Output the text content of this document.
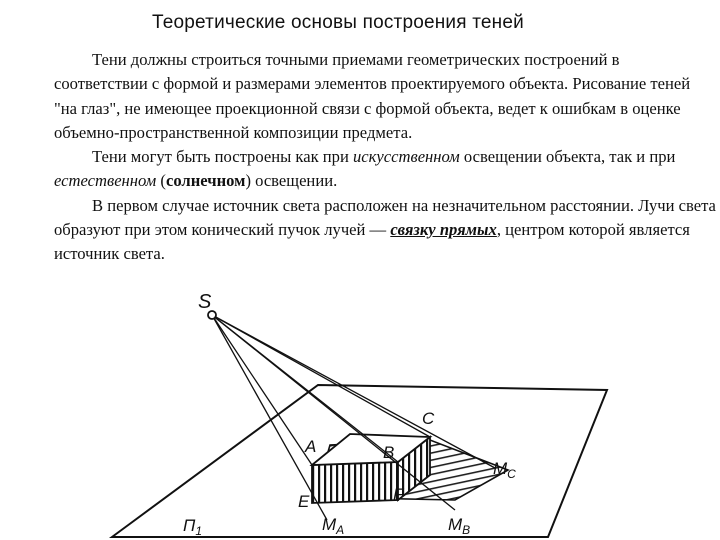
Теоретические основы построения теней

Тени должны строиться точными приемами геометрических построений в соответствии с формой и размерами элементов проектируемого объекта. Рисование теней "на глаз", не имеющее проекционной связи с формой объекта, ведет к ошибкам в оценке объемно-пространственной композиции предмета.

Тени могут быть построены как при искусственном освещении объекта, так и при естественном (солнечном) освещении.

В первом случае источник света расположен на незначительном расстоянии. Лучи света образуют при этом конический пучок лучей — связку прямых, центром которой является источник света.

S
A	B
C
E	F
$M_C$
$M_A$	$M_B$
$П_1$
